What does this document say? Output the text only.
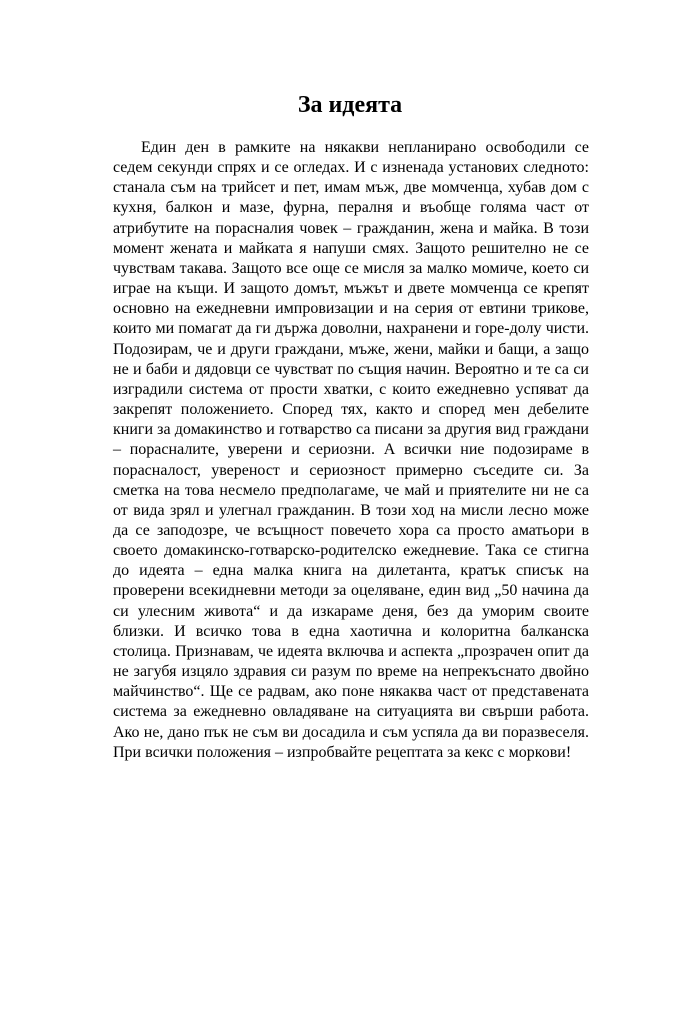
За идеята

Един ден в рамките на някакви непланирано освободили се седем секунди спрях и се огледах. И с изненада установих следното: станала съм на трийсет и пет, имам мъж, две момченца, хубав дом с кухня, балкон и мазе, фурна, пералня и въобще голяма част от атрибутите на порасналия човек – гражданин, жена и майка. В този момент жената и майката я напуши смях. Защото решително не се чувствам такава. Защото все още се мисля за малко момиче, което си играе на къщи. И защото домът, мъжът и двете момченца се крепят основно на ежедневни импровизации и на серия от евтини трикове, които ми помагат да ги държа доволни, нахранени и горе-долу чисти. Подозирам, че и други граждани, мъже, жени, майки и бащи, а защо не и баби и дядовци се чувстват по същия начин. Вероятно и те са си изградили система от прости хватки, с които ежедневно успяват да закрепят положението. Според тях, както и според мен дебелите книги за домакинство и готварство са писани за другия вид граждани – порасналите, уверени и сериозни. А всички ние подозираме в порасналост, увереност и сериозност примерно съседите си. За сметка на това несмело предполагаме, че май и приятелите ни не са от вида зрял и улегнал гражданин. В този ход на мисли лесно може да се заподозре, че всъщност повечето хора са просто аматьори в своето домакинско-готварско-родителско ежедневие. Така се стигна до идеята – една малка книга на дилетанта, кратък списък на проверени всекидневни методи за оцеляване, един вид „50 начина да си улесним живота“ и да изкараме деня, без да уморим своите близки. И всичко това в една хаотична и колоритна балканска столица. Признавам, че идеята включва и аспекта „прозрачен опит да не загубя изцяло здравия си разум по време на непрекъснато двойно майчинство“. Ще се радвам, ако поне някаква част от представената система за ежедневно овладяване на ситуацията ви свърши работа. Ако не, дано пък не съм ви досадила и съм успяла да ви поразвеселя. При всички положения – изпробвайте рецептата за кекс с моркови!
